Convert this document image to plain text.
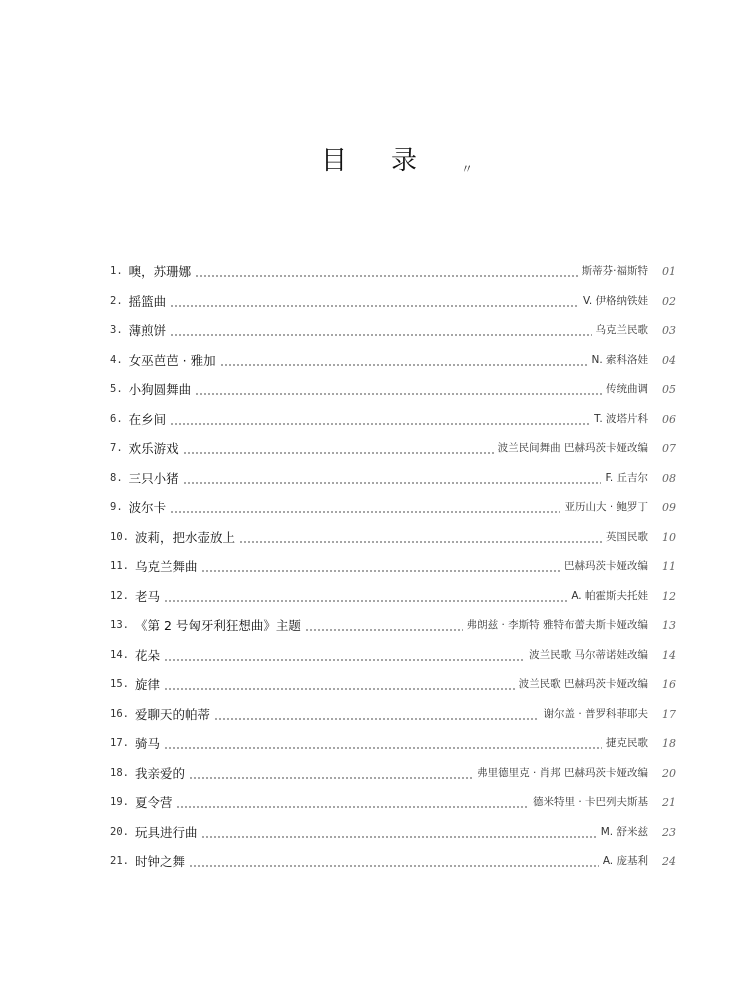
目录〃
1. 噢，苏珊娜	斯蒂芬·福斯特	01
2. 摇篮曲	V. 伊格纳铁娃	02
3. 薄煎饼	乌克兰民歌	03
4. 女巫芭芭 · 雅加	N. 索科洛娃	04
5. 小狗圆舞曲	传统曲调	05
6. 在乡间	T. 波塔片科	06
7. 欢乐游戏	波兰民间舞曲 巴赫玛茨卡娅改编	07
8. 三只小猪	F. 丘吉尔	08
9. 波尔卡	亚历山大 · 鲍罗丁	09
10. 波莉，把水壶放上	英国民歌	10
11. 乌克兰舞曲	巴赫玛茨卡娅改编	11
12. 老马	A. 帕霍斯夫托娃	12
13. 《第 2 号匈牙利狂想曲》主题	弗朗兹 · 李斯特 雅特布蕾夫斯卡娅改编	13
14. 花朵	波兰民歌 马尔蒂诺娃改编	14
15. 旋律	波兰民歌 巴赫玛茨卡娅改编	16
16. 爱聊天的帕蒂	谢尔盖 · 普罗科菲耶夫	17
17. 骑马	捷克民歌	18
18. 我亲爱的	弗里德里克 · 肖邦 巴赫玛茨卡娅改编	20
19. 夏令营	德米特里 · 卡巴列夫斯基	21
20. 玩具进行曲	M. 舒米兹	23
21. 时钟之舞	A. 庞基利	24
